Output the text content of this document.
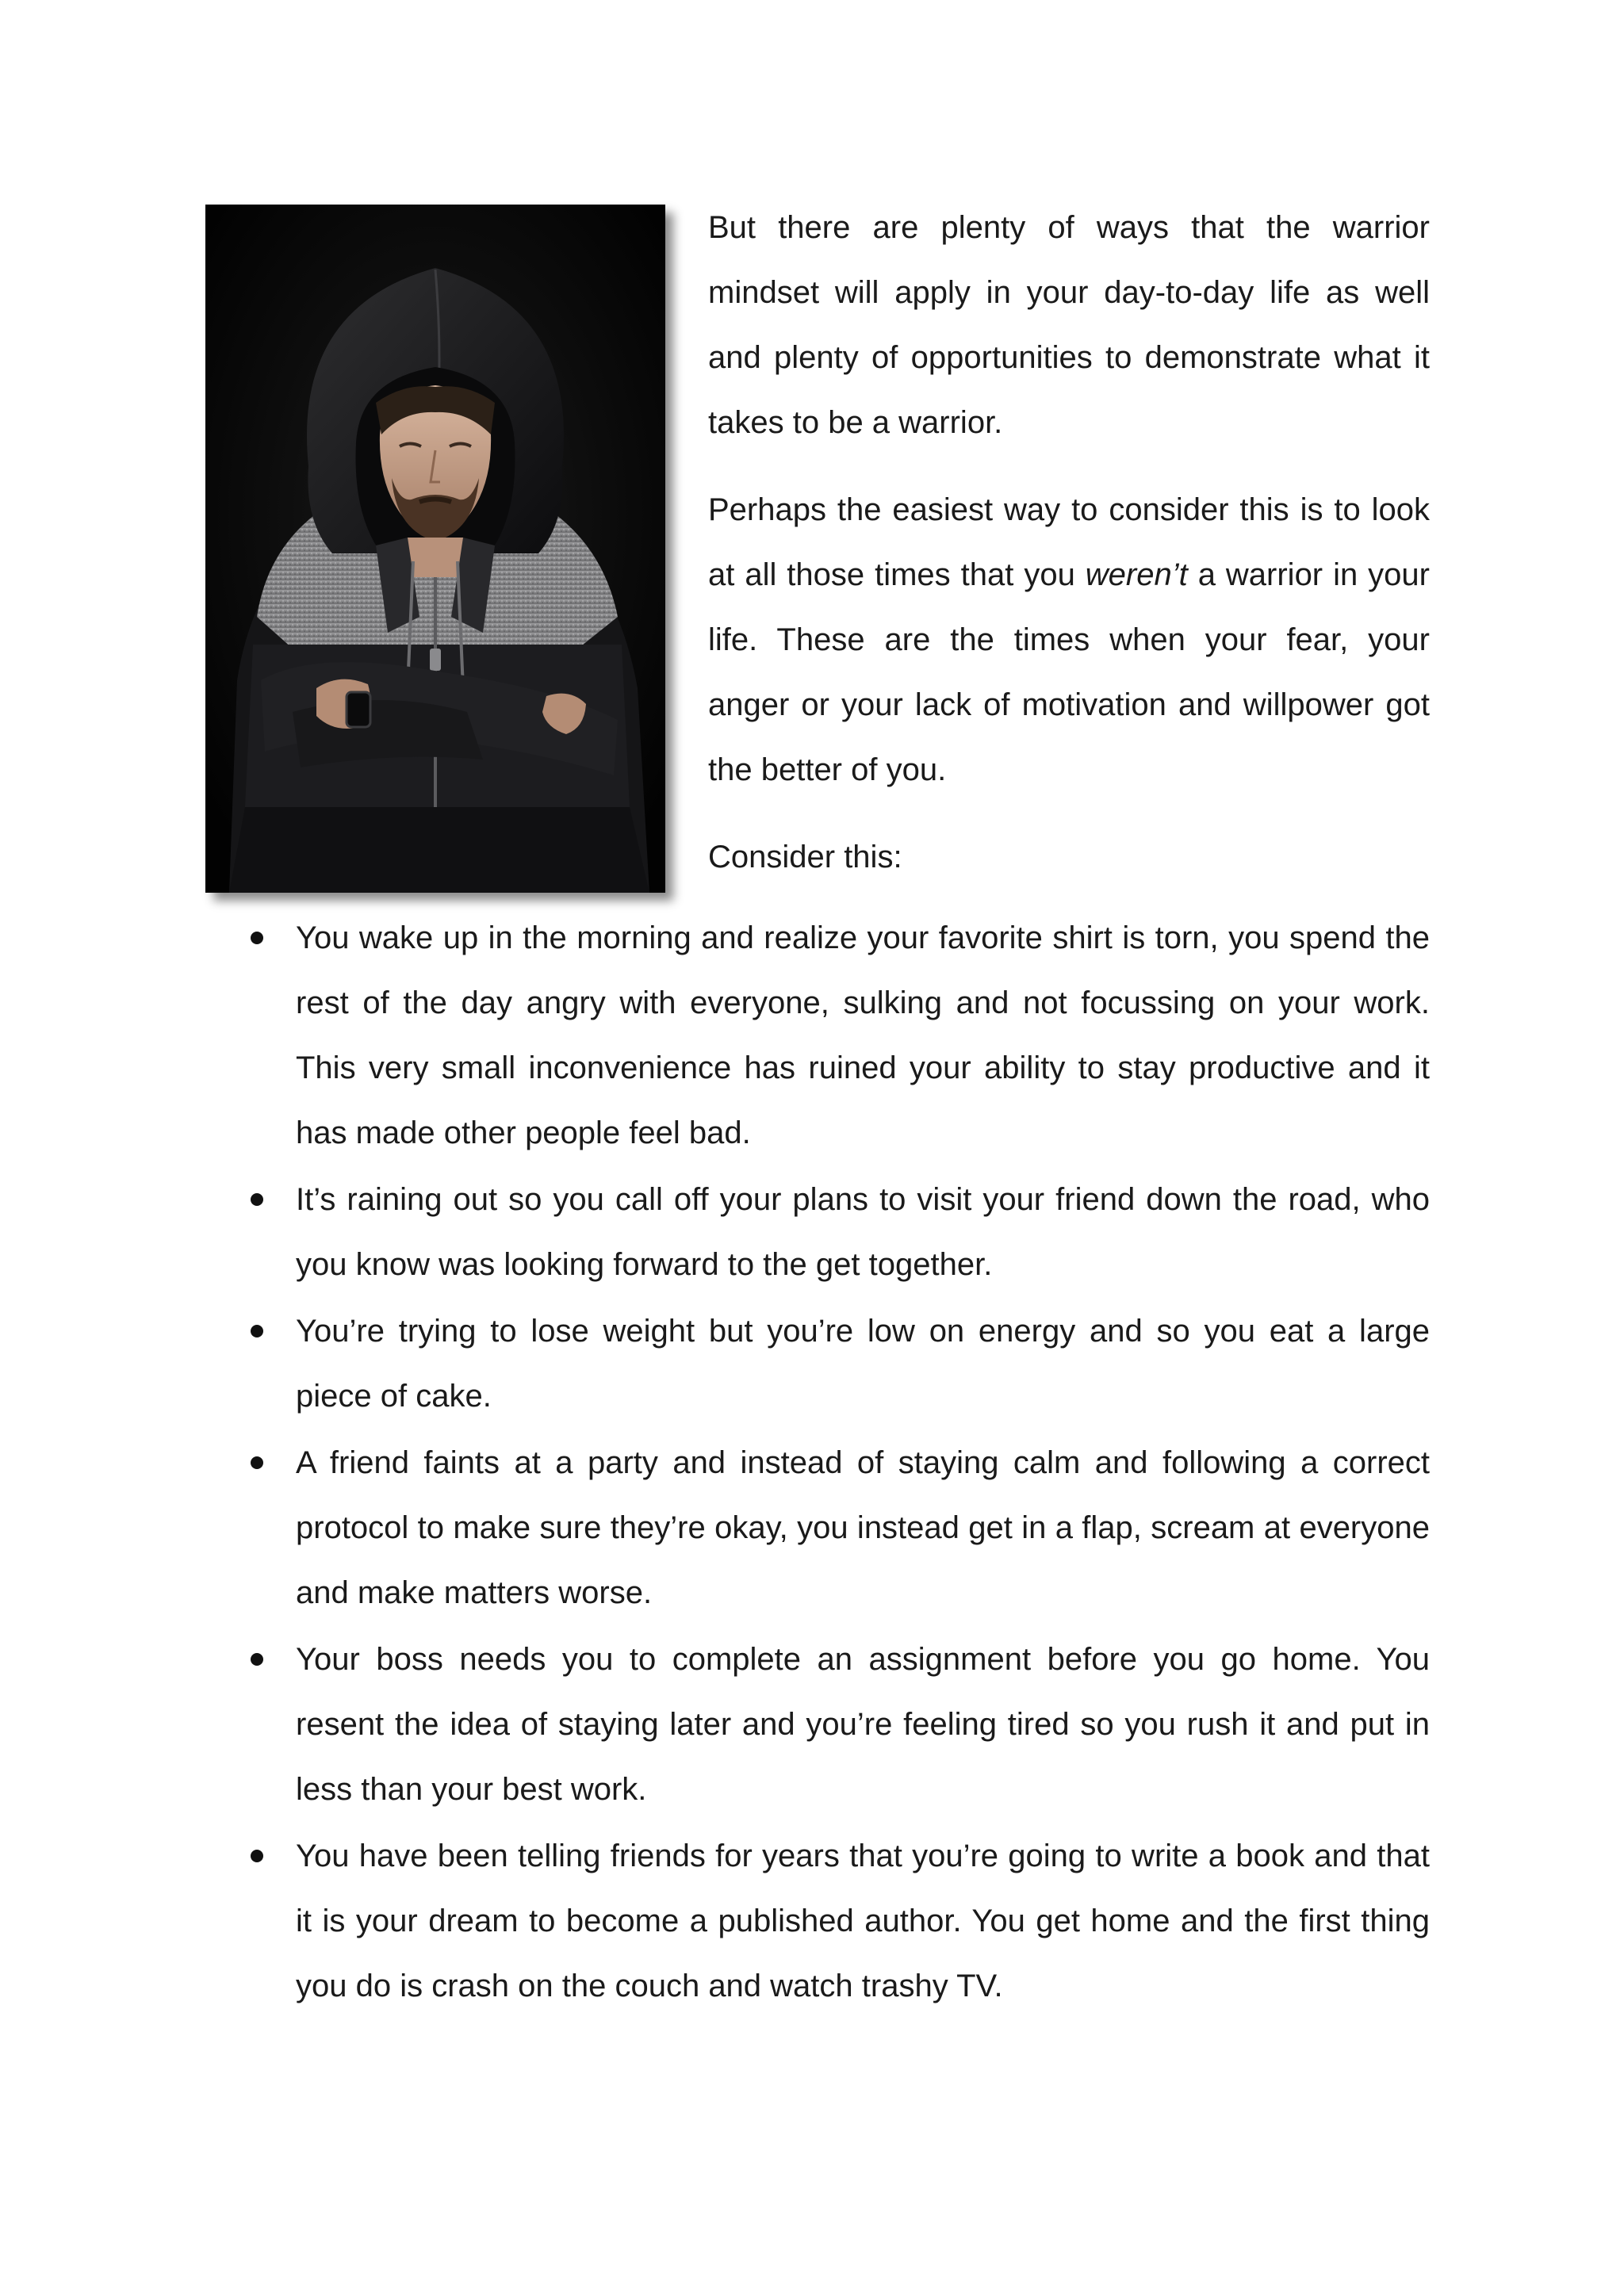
But there are plenty of ways that the warrior mindset will apply in your day-to-day life as well and plenty of opportunities to demonstrate what it takes to be a warrior.

Perhaps the easiest way to consider this is to look at all those times that you weren’t a warrior in your life. These are the times when your fear, your anger or your lack of motivation and willpower got the better of you.

Consider this:

You wake up in the morning and realize your favorite shirt is torn, you spend the rest of the day angry with everyone, sulking and not focussing on your work. This very small inconvenience has ruined your ability to stay productive and it has made other people feel bad.
It’s raining out so you call off your plans to visit your friend down the road, who you know was looking forward to the get together.
You’re trying to lose weight but you’re low on energy and so you eat a large piece of cake.
A friend faints at a party and instead of staying calm and following a correct protocol to make sure they’re okay, you instead get in a flap, scream at everyone and make matters worse.
Your boss needs you to complete an assignment before you go home. You resent the idea of staying later and you’re feeling tired so you rush it and put in less than your best work.
You have been telling friends for years that you’re going to write a book and that it is your dream to become a published author. You get home and the first thing you do is crash on the couch and watch trashy TV.
